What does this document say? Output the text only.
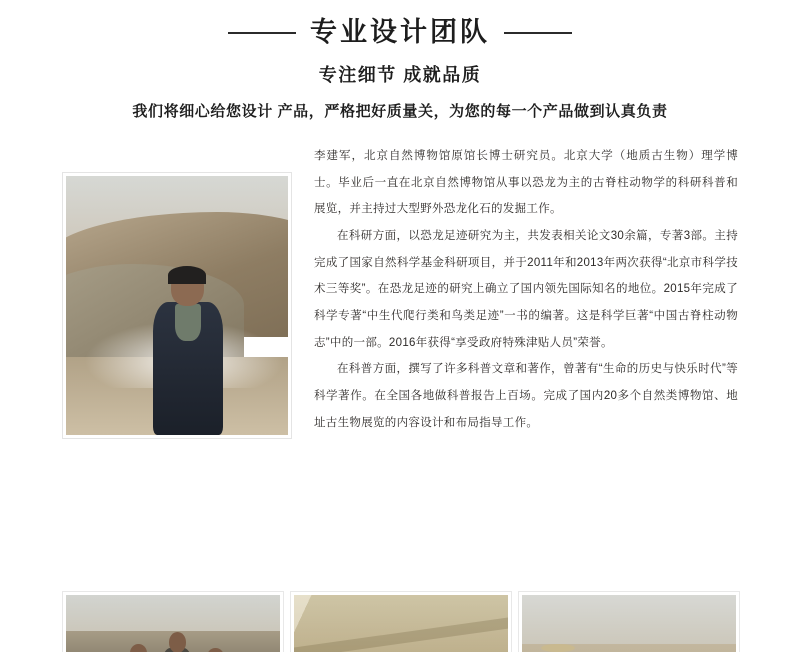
专业设计团队
专注细节 成就品质

我们将细心给您设计 产品，严格把好质量关，为您的每一个产品做到认真负责

李建军，北京自然博物馆原馆长博士研究员。北京大学（地质古生物）理学博士。毕业后一直在北京自然博物馆从事以恐龙为主的古脊柱动物学的科研科普和展览，并主持过大型野外恐龙化石的发掘工作。

在科研方面，以恐龙足迹研究为主，共发表相关论文30余篇，专著3部。主持完成了国家自然科学基金科研项目，并于2011年和2013年两次获得“北京市科学技术三等奖”。在恐龙足迹的研究上确立了国内领先国际知名的地位。2015年完成了科学专著“中生代爬行类和鸟类足迹”一书的编著。这是科学巨著“中国古脊柱动物志”中的一部。2016年获得“享受政府特殊津贴人员”荣誉。

在科普方面，撰写了许多科普文章和著作，曾著有“生命的历史与快乐时代”等科学著作。在全国各地做科普报告上百场。完成了国内20多个自然类博物馆、地址古生物展览的内容设计和布局指导工作。
